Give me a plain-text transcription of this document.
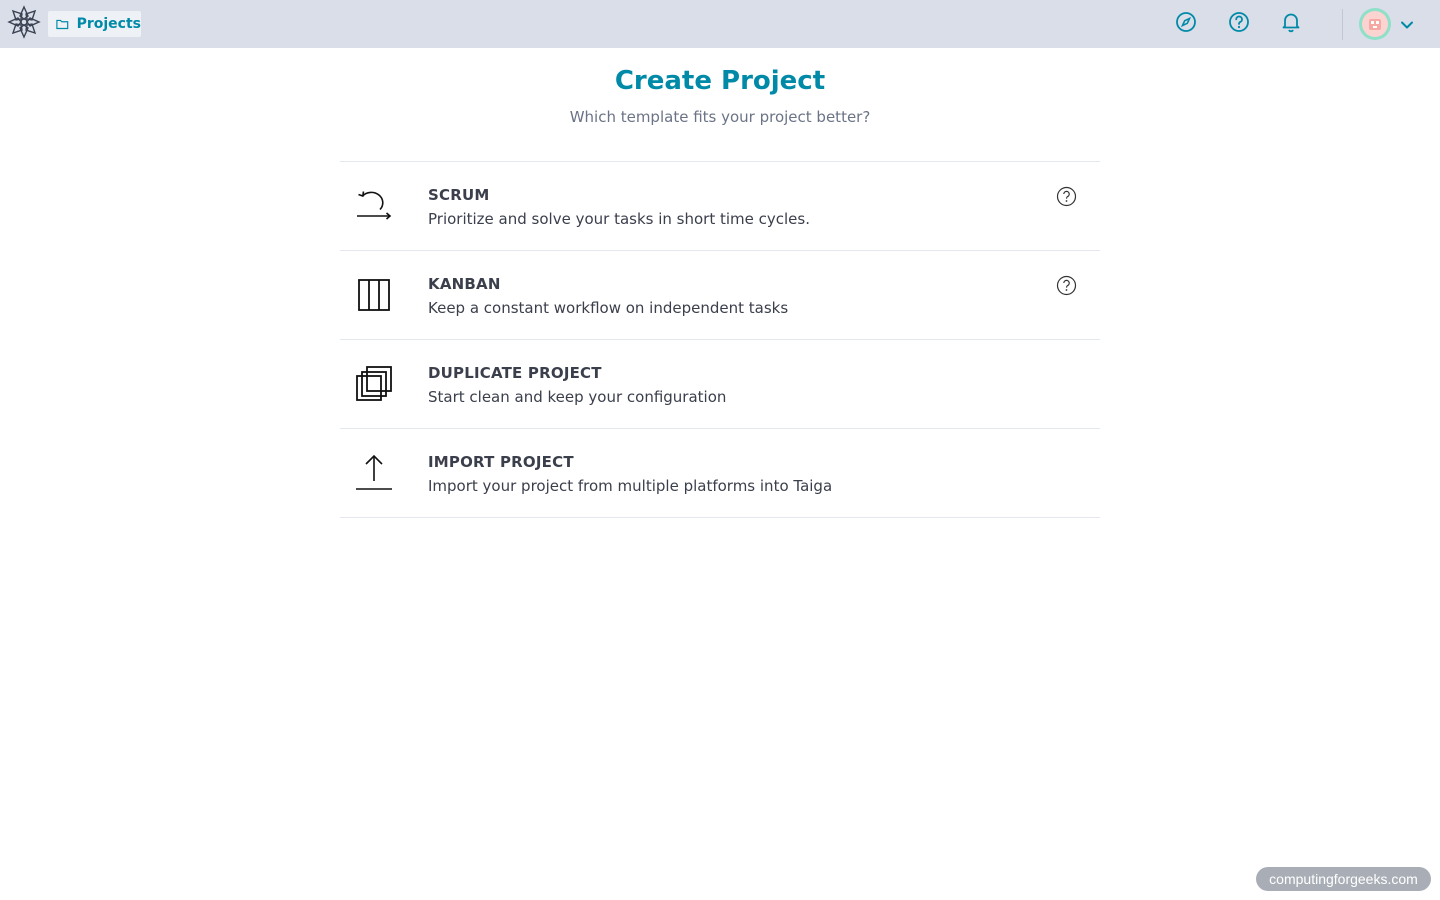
Projects
Create Project

Which template fits your project better?

SCRUM
Prioritize and solve your tasks in short time cycles.
KANBAN
Keep a constant workflow on independent tasks
DUPLICATE PROJECT
Start clean and keep your configuration
IMPORT PROJECT
Import your project from multiple platforms into Taiga
computingforgeeks.com
